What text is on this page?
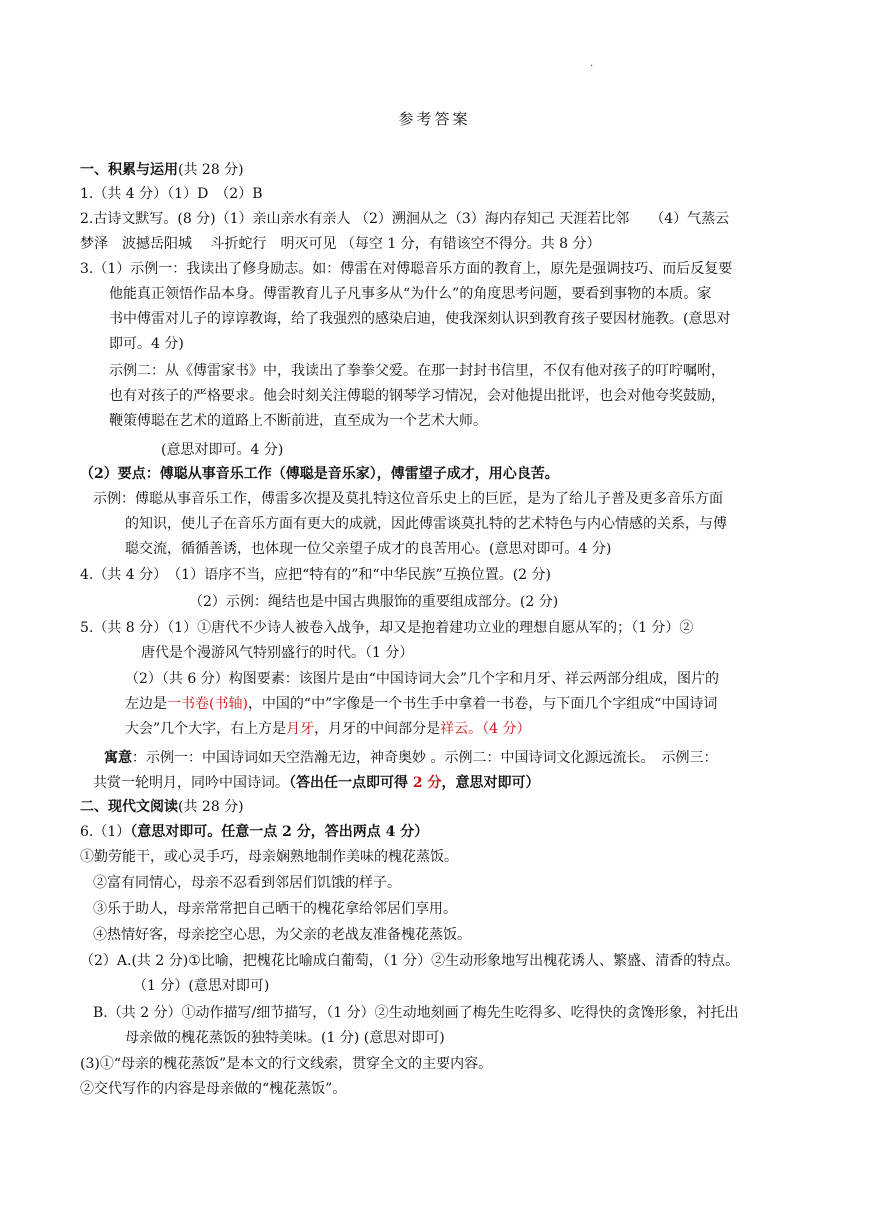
.
参考答案
一、积累与运用(共 28 分)
1.（共 4 分）（1）D　（2）B
2.古诗文默写。(8 分)（1）亲山亲水有亲人 （2）溯洄从之（3）海内存知己 天涯若比邻　　（4）气蒸云
梦泽　波撼岳阳城　 斗折蛇行　明灭可见 （每空 1 分，有错该空不得分。共 8 分）
3.（1）示例一：我读出了修身励志。如：傅雷在对傅聪音乐方面的教育上，原先是强调技巧、而后反复要
他能真正领悟作品本身。傅雷教育儿子凡事多从“为什么”的角度思考问题，要看到事物的本质。家
书中傅雷对儿子的谆谆教诲，给了我强烈的感染启迪，使我深刻认识到教育孩子要因材施教。(意思对
即可。4 分)
示例二：从《傅雷家书》中，我读出了拳拳父爱。在那一封封书信里，不仅有他对孩子的叮咛嘱咐，
也有对孩子的严格要求。他会时刻关注傅聪的钢琴学习情况，会对他提出批评，也会对他夸奖鼓励，
鞭策傅聪在艺术的道路上不断前进，直至成为一个艺术大师。
(意思对即可。4 分)
（2）要点：傅聪从事音乐工作（傅聪是音乐家），傅雷望子成才，用心良苦。
示例：傅聪从事音乐工作，傅雷多次提及莫扎特这位音乐史上的巨匠，是为了给儿子普及更多音乐方面
的知识，使儿子在音乐方面有更大的成就，因此傅雷谈莫扎特的艺术特色与内心情感的关系，与傅
聪交流，循循善诱，也体现一位父亲望子成才的良苦用心。(意思对即可。4 分)
4.（共 4 分）　（1）语序不当，应把“特有的”和“中华民族”互换位置。(2 分)
（2）示例：绳结也是中国古典服饰的重要组成部分。(2 分)
5.（共 8 分）（1）①唐代不少诗人被卷入战争，却又是抱着建功立业的理想自愿从军的；（1 分）②
唐代是个漫游风气特别盛行的时代。（1 分）
（2）（共 6 分）构图要素：该图片是由“中国诗词大会”几个字和月牙、祥云两部分组成，图片的
左边是一书卷(书轴)，中国的“中”字像是一个书生手中拿着一书卷，与下面几个字组成“中国诗词
大会”几个大字，右上方是月牙，月牙的中间部分是祥云。（4 分）
寓意：示例一：中国诗词如天空浩瀚无边，神奇奥妙 。示例二：中国诗词文化源远流长。　示例三：
共赏一轮明月，同吟中国诗词。（答出任一点即可得 2 分，意思对即可）
二、现代文阅读(共 28 分)
6.（1）（意思对即可。任意一点 2 分，答出两点 4 分）
①勤劳能干，或心灵手巧，母亲娴熟地制作美味的槐花蒸饭。
②富有同情心，母亲不忍看到邻居们饥饿的样子。
③乐于助人，母亲常常把自己晒干的槐花拿给邻居们享用。
④热情好客，母亲挖空心思，为父亲的老战友准备槐花蒸饭。
（2）A.(共 2 分)①比喻，把槐花比喻成白葡萄，（1 分）②生动形象地写出槐花诱人、繁盛、清香的特点。
（1 分）(意思对即可)
B.（共 2 分）①动作描写/细节描写，（1 分）②生动地刻画了梅先生吃得多、吃得快的贪馋形象，衬托出
母亲做的槐花蒸饭的独特美味。(1 分) (意思对即可)
(3)①“母亲的槐花蒸饭”是本文的行文线索，贯穿全文的主要内容。
②交代写作的内容是母亲做的“槐花蒸饭”。
